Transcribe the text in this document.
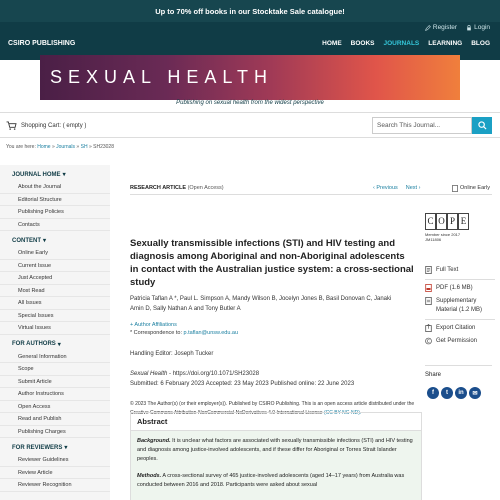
Up to 70% off books in our Stocktake Sale catalogue!
Register	Login
CSIRO PUBLISHING	HOME BOOKS JOURNALS LEARNING BLOG
SEXUAL HEALTH
Publishing on sexual health from the widest perspective
Shopping Cart: ( empty )	Search This Journal...
You are here: Home » Journals » SH » SH23028
JOURNAL HOME ▾
About the Journal
Editorial Structure
Publishing Policies
Contacts
CONTENT ▾
Online Early
Current Issue
Just Accepted
Most Read
All Issues
Special Issues
Virtual Issues
FOR AUTHORS ▾
General Information
Scope
Submit Article
Author Instructions
Open Access
Read and Publish
Publishing Charges
FOR REVIEWERS ▾
Reviewer Guidelines
Review Article
Reviewer Recognition
RESEARCH ARTICLE (Open Access)	‹ Previous Next ›	Online Early
Sexually transmissible infections (STI) and HIV testing and diagnosis among Aboriginal and non-Aboriginal adolescents in contact with the Australian justice system: a cross-sectional study
Patricia Taflan A *, Paul L. Simpson A, Mandy Wilson B, Jocelyn Jones B, Basil Donovan C, Janaki
Amin D, Sally Nathan A and Tony Butler A
+ Author Affiliations
* Correspondence to: p.taflan@unsw.edu.au
Handling Editor: Joseph Tucker
Sexual Health - https://doi.org/10.1071/SH23028
Submitted: 6 February 2023 Accepted: 23 May 2023 Published online: 22 June 2023
© 2023 The Author(s) (or their employer(s)). Published by CSIRO Publishing. This is an open access article distributed under the Creative Commons Attribution-NonCommercial-NoDerivatives 4.0 International License (CC BY-NC-ND).
Abstract

Background. It is unclear what factors are associated with sexually transmissible infections (STI) and HIV testing and diagnosis among justice-involved adolescents, and if these differ for Aboriginal or Torres Strait Islander peoples.

Methods. A cross-sectional survey of 465 justice-involved adolescents (aged 14–17 years) from Australia was conducted between 2016 and 2018. Participants were asked about sexual

C O P E
Member since 2017
JM11806
Full Text
PDF (1.6 MB)
Supplementary Material (1.2 MB)
Export Citation
Get Permission
Share
f	t	in	✉
